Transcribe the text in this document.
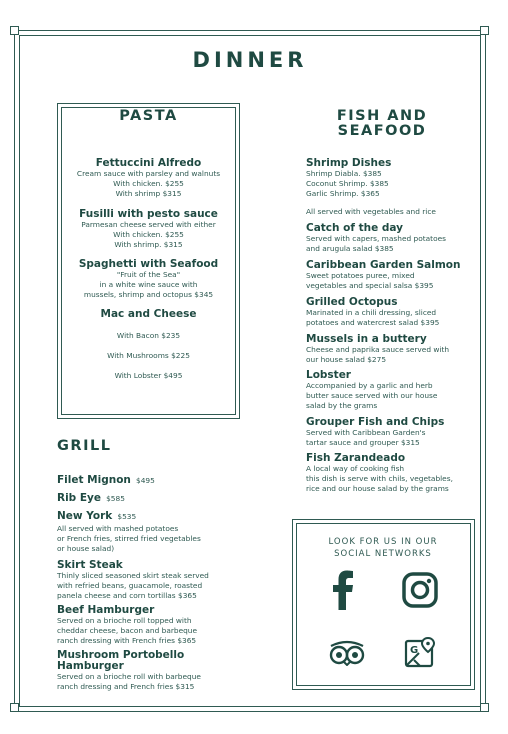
DINNER
PASTA
Fettuccini Alfredo
Cream sauce with parsley and walnuts
With chicken. $255
With shrimp $315
Fusilli with pesto sauce
Parmesan cheese served with either
With chicken. $255
With shrimp. $315
Spaghetti with Seafood
"Fruit of the Sea"
in a white wine sauce with
mussels, shrimp and octopus $345
Mac and Cheese
With Bacon $235
With Mushrooms $225
With Lobster $495
GRILL
Filet Mignon $495
Rib Eye $585
New York $535
All served with mashed potatoes
or French fries, stirred fried vegetables
or house salad)
Skirt Steak
Thinly sliced seasoned skirt steak served
with refried beans, guacamole, roasted
panela cheese and corn tortillas $365
Beef Hamburger
Served on a brioche roll topped with
cheddar cheese, bacon and barbeque
ranch dressing with French fries $365
Mushroom Portobello
Hamburger
Served on a brioche roll with barbeque
ranch dressing and French fries $315
FISH AND
SEAFOOD
Shrimp Dishes
Shrimp Diabla. $385
Coconut Shrimp. $385
Garlic Shrimp. $365
All served with vegetables and rice
Catch of the day
Served with capers, mashed potatoes
and arugula salad $385
Caribbean Garden Salmon
Sweet potatoes puree, mixed
vegetables and special salsa $395
Grilled Octopus
Marinated in a chili dressing, sliced
potatoes and watercrest salad $395
Mussels in a buttery
Cheese and paprika sauce served with
our house salad $275
Lobster
Accompanied by a garlic and herb
butter sauce served with our house
salad by the grams
Grouper Fish and Chips
Served with Caribbean Garden's
tartar sauce and grouper $315
Fish Zarandeado
A local way of cooking fish
this dish is serve with chils, vegetables,
rice and our house salad by the grams
LOOK FOR US IN OUR
SOCIAL NETWORKS
G
